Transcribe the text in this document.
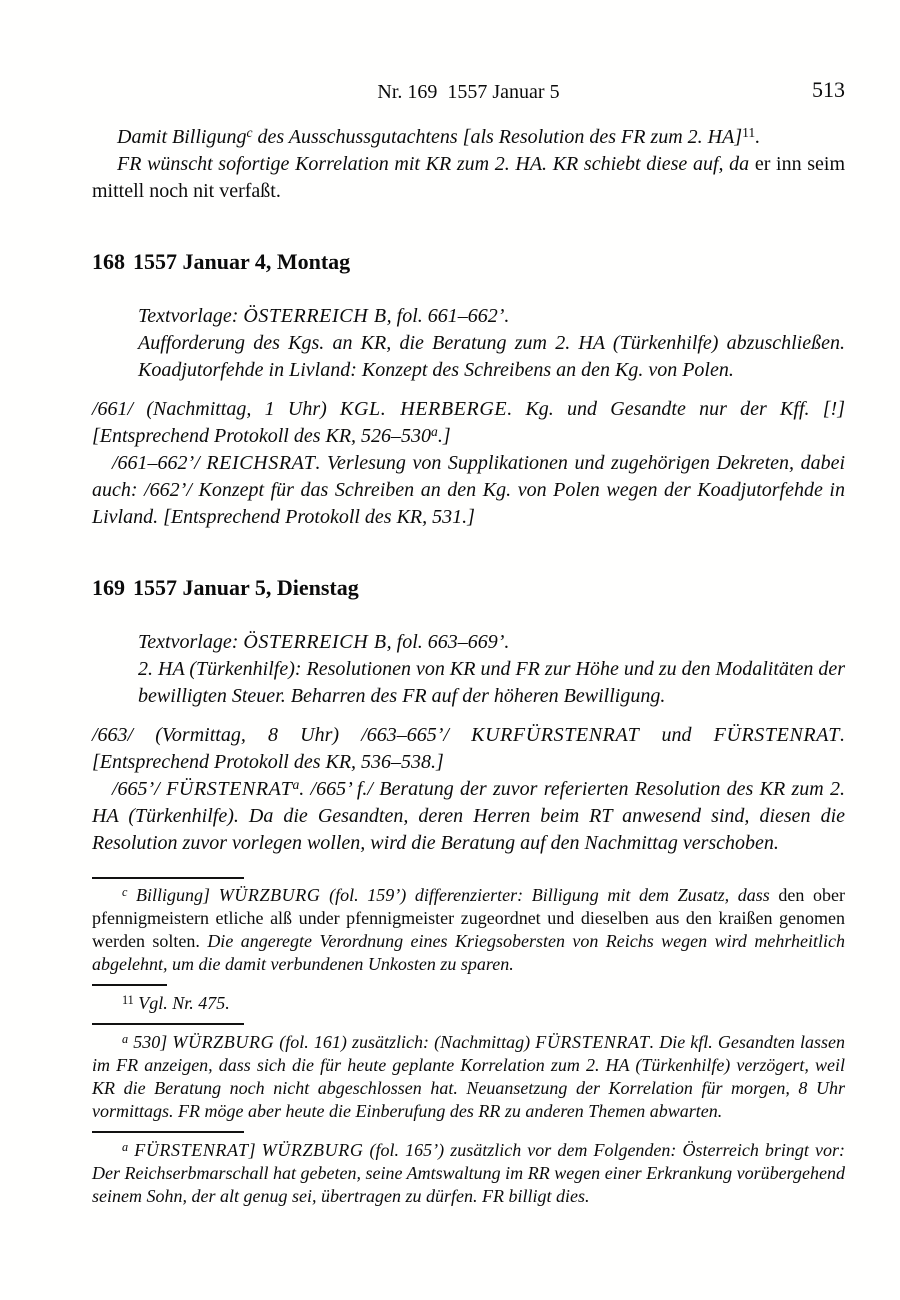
Nr. 169 1557 Januar 5	513

Damit Billigung$^c$ des Ausschussgutachtens [als Resolution des FR zum 2. HA]$^{11}$.

FR wünscht sofortige Korrelation mit KR zum 2. HA. KR schiebt diese auf, da er inn seim mittell noch nit verfaßt.

168 1557 Januar 4, Montag

Textvorlage: ÖSTERREICH B, fol. 661–662’.

Aufforderung des Kgs. an KR, die Beratung zum 2. HA (Türkenhilfe) abzuschließen. Koadjutorfehde in Livland: Konzept des Schreibens an den Kg. von Polen.

/661/ (Nachmittag, 1 Uhr) KGL. HERBERGE. Kg. und Gesandte nur der Kff. [!] [Entsprechend Protokoll des KR, 526–530$^a$.]

/661–662’/ REICHSRAT. Verlesung von Supplikationen und zugehörigen Dekreten, dabei auch: /662’/ Konzept für das Schreiben an den Kg. von Polen wegen der Koadjutorfehde in Livland. [Entsprechend Protokoll des KR, 531.]

169 1557 Januar 5, Dienstag

Textvorlage: ÖSTERREICH B, fol. 663–669’.

2. HA (Türkenhilfe): Resolutionen von KR und FR zur Höhe und zu den Modalitäten der bewilligten Steuer. Beharren des FR auf der höheren Bewilligung.

/663/ (Vormittag, 8 Uhr) /663–665’/ KURFÜRSTENRAT und FÜRSTENRAT. [Entsprechend Protokoll des KR, 536–538.]

/665’/ FÜRSTENRAT$^a$. /665’ f./ Beratung der zuvor referierten Resolution des KR zum 2. HA (Türkenhilfe). Da die Gesandten, deren Herren beim RT anwesend sind, diesen die Resolution zuvor vorlegen wollen, wird die Beratung auf den Nachmittag verschoben.

$^c$ Billigung] WÜRZBURG (fol. 159’) differenzierter: Billigung mit dem Zusatz, dass den ober pfennigmeistern etliche alß under pfennigmeister zugeordnet und dieselben aus den kraißen genomen werden solten. Die angeregte Verordnung eines Kriegsobersten von Reichs wegen wird mehrheitlich abgelehnt, um die damit verbundenen Unkosten zu sparen.

$^{11}$ Vgl. Nr. 475.

$^a$ 530] WÜRZBURG (fol. 161) zusätzlich: (Nachmittag) FÜRSTENRAT. Die kfl. Gesandten lassen im FR anzeigen, dass sich die für heute geplante Korrelation zum 2. HA (Türkenhilfe) verzögert, weil KR die Beratung noch nicht abgeschlossen hat. Neuansetzung der Korrelation für morgen, 8 Uhr vormittags. FR möge aber heute die Einberufung des RR zu anderen Themen abwarten.

$^a$ FÜRSTENRAT] WÜRZBURG (fol. 165’) zusätzlich vor dem Folgenden: Österreich bringt vor: Der Reichserbmarschall hat gebeten, seine Amtswaltung im RR wegen einer Erkrankung vorübergehend seinem Sohn, der alt genug sei, übertragen zu dürfen. FR billigt dies.
